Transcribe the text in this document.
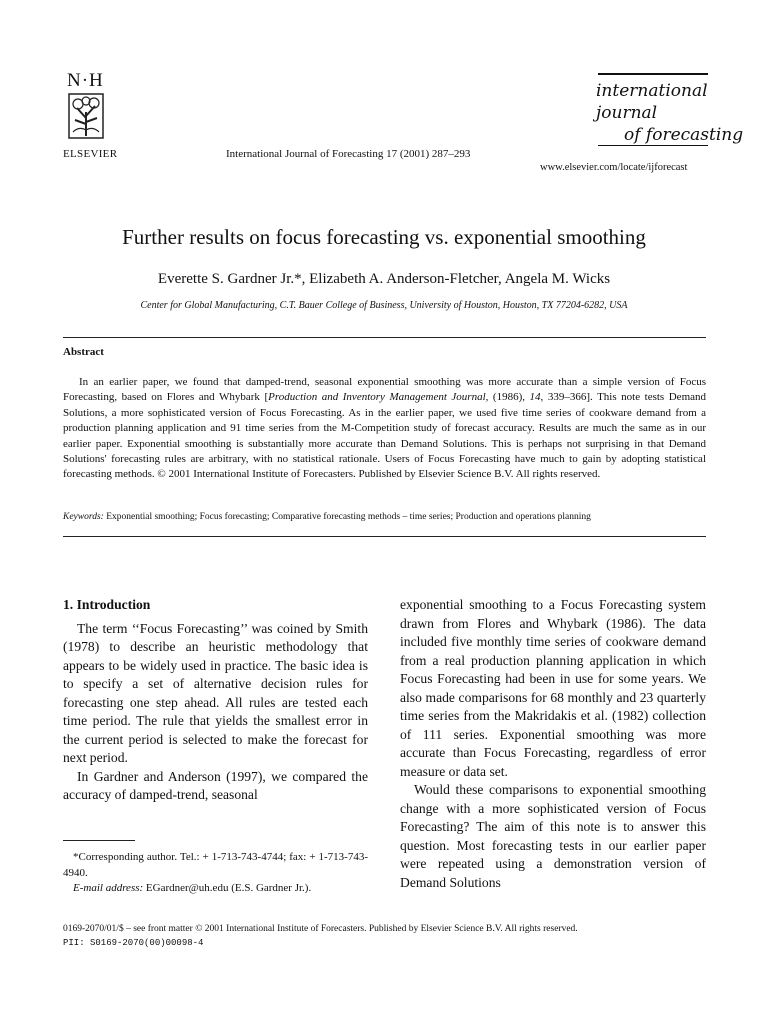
N·H
ELSEVIER	International Journal of Forecasting 17 (2001) 287–293
international journal
of forecasting
www.elsevier.com/locate/ijforecast
Further results on focus forecasting vs. exponential smoothing
Everette S. Gardner Jr.*, Elizabeth A. Anderson-Fletcher, Angela M. Wicks
Center for Global Manufacturing, C.T. Bauer College of Business, University of Houston, Houston, TX 77204-6282, USA
Abstract

In an earlier paper, we found that damped-trend, seasonal exponential smoothing was more accurate than a simple version of Focus Forecasting, based on Flores and Whybark [Production and Inventory Management Journal, (1986), 14, 339–366]. This note tests Demand Solutions, a more sophisticated version of Focus Forecasting. As in the earlier paper, we used five time series of cookware demand from a production planning application and 91 time series from the M-Competition study of forecast accuracy. Results are much the same as in our earlier paper. Exponential smoothing is substantially more accurate than Demand Solutions. This is perhaps not surprising in that Demand Solutions' forecasting rules are arbitrary, with no statistical rationale. Users of Focus Forecasting have much to gain by adopting statistical forecasting methods. © 2001 International Institute of Forecasters. Published by Elsevier Science B.V. All rights reserved.

Keywords: Exponential smoothing; Focus forecasting; Comparative forecasting methods – time series; Production and operations planning
1. Introduction

The term ‘‘Focus Forecasting’’ was coined by Smith (1978) to describe an heuristic methodology that appears to be widely used in practice. The basic idea is to specify a set of alternative decision rules for forecasting one step ahead. All rules are tested each time period. The rule that yields the smallest error in the current period is selected to make the forecast for next period.

In Gardner and Anderson (1997), we compared the accuracy of damped-trend, seasonal

exponential smoothing to a Focus Forecasting system drawn from Flores and Whybark (1986). The data included five monthly time series of cookware demand from a real production planning application in which Focus Forecasting had been in use for some years. We also made comparisons for 68 monthly and 23 quarterly time series from the Makridakis et al. (1982) collection of 111 series. Exponential smoothing was more accurate than Focus Forecasting, regardless of error measure or data set.

Would these comparisons to exponential smoothing change with a more sophisticated version of Focus Forecasting? The aim of this note is to answer this question. Most forecasting tests in our earlier paper were repeated using a demonstration version of Demand Solutions

*Corresponding author. Tel.: + 1-713-743-4744; fax: + 1-713-743-4940.

E-mail address: EGardner@uh.edu (E.S. Gardner Jr.).

0169-2070/01/$ – see front matter © 2001 International Institute of Forecasters. Published by Elsevier Science B.V. All rights reserved.
PII: S0169-2070(00)00098-4
